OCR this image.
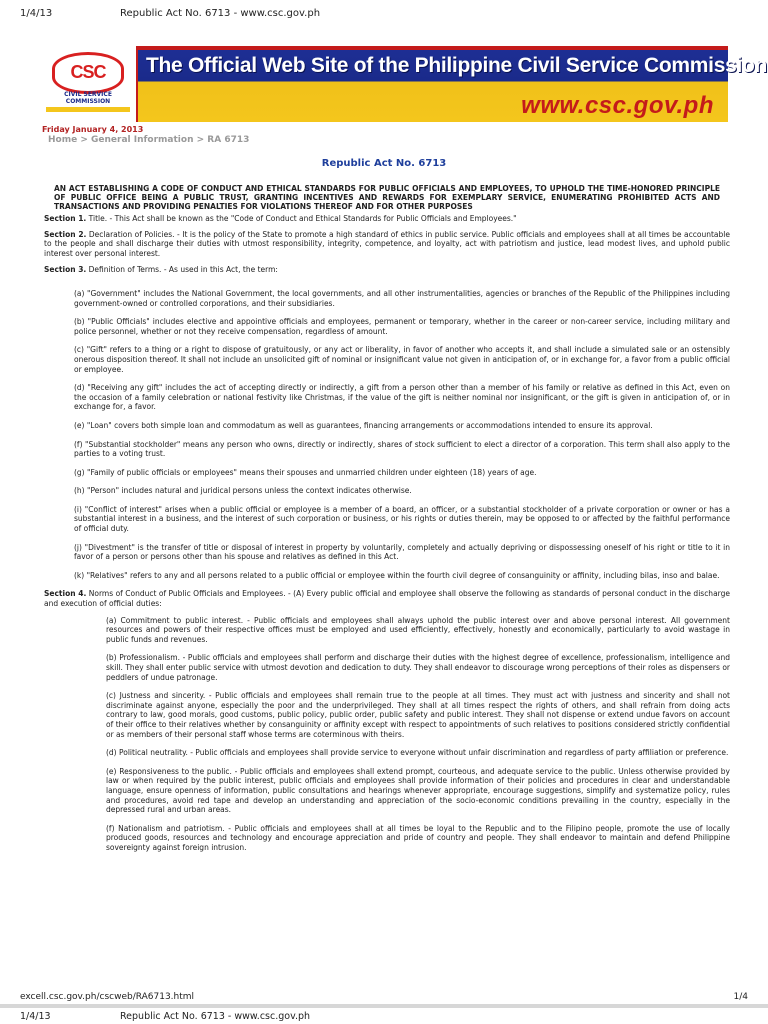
1/4/13	Republic Act No. 6713 - www.csc.gov.ph
CSC
CIVIL SERVICE COMMISSION
The Official Web Site of the Philippine Civil Service Commission
www.csc.gov.ph
Friday January 4, 2013
Home > General Information > RA 6713
Republic Act No. 6713
AN ACT ESTABLISHING A CODE OF CONDUCT AND ETHICAL STANDARDS FOR PUBLIC OFFICIALS AND EMPLOYEES, TO UPHOLD THE TIME-HONORED PRINCIPLE OF PUBLIC OFFICE BEING A PUBLIC TRUST, GRANTING INCENTIVES AND REWARDS FOR EXEMPLARY SERVICE, ENUMERATING PROHIBITED ACTS AND TRANSACTIONS AND PROVIDING PENALTIES FOR VIOLATIONS THEREOF AND FOR OTHER PURPOSES
Section 1. Title. - This Act shall be known as the "Code of Conduct and Ethical Standards for Public Officials and Employees."
Section 2. Declaration of Policies. - It is the policy of the State to promote a high standard of ethics in public service. Public officials and employees shall at all times be accountable to the people and shall discharge their duties with utmost responsibility, integrity, competence, and loyalty, act with patriotism and justice, lead modest lives, and uphold public interest over personal interest.
Section 3. Definition of Terms. - As used in this Act, the term:
(a) "Government" includes the National Government, the local governments, and all other instrumentalities, agencies or branches of the Republic of the Philippines including government-owned or controlled corporations, and their subsidiaries.
(b) "Public Officials" includes elective and appointive officials and employees, permanent or temporary, whether in the career or non-career service, including military and police personnel, whether or not they receive compensation, regardless of amount.
(c) "Gift" refers to a thing or a right to dispose of gratuitously, or any act or liberality, in favor of another who accepts it, and shall include a simulated sale or an ostensibly onerous disposition thereof. It shall not include an unsolicited gift of nominal or insignificant value not given in anticipation of, or in exchange for, a favor from a public official or employee.
(d) "Receiving any gift" includes the act of accepting directly or indirectly, a gift from a person other than a member of his family or relative as defined in this Act, even on the occasion of a family celebration or national festivity like Christmas, if the value of the gift is neither nominal nor insignificant, or the gift is given in anticipation of, or in exchange for, a favor.
(e) "Loan" covers both simple loan and commodatum as well as guarantees, financing arrangements or accommodations intended to ensure its approval.
(f) "Substantial stockholder" means any person who owns, directly or indirectly, shares of stock sufficient to elect a director of a corporation. This term shall also apply to the parties to a voting trust.
(g) "Family of public officials or employees" means their spouses and unmarried children under eighteen (18) years of age.
(h) "Person" includes natural and juridical persons unless the context indicates otherwise.
(i) "Conflict of interest" arises when a public official or employee is a member of a board, an officer, or a substantial stockholder of a private corporation or owner or has a substantial interest in a business, and the interest of such corporation or business, or his rights or duties therein, may be opposed to or affected by the faithful performance of official duty.
(j) "Divestment" is the transfer of title or disposal of interest in property by voluntarily, completely and actually depriving or dispossessing oneself of his right or title to it in favor of a person or persons other than his spouse and relatives as defined in this Act.
(k) "Relatives" refers to any and all persons related to a public official or employee within the fourth civil degree of consanguinity or affinity, including bilas, inso and balae.
Section 4. Norms of Conduct of Public Officials and Employees. - (A) Every public official and employee shall observe the following as standards of personal conduct in the discharge and execution of official duties:
(a) Commitment to public interest. - Public officials and employees shall always uphold the public interest over and above personal interest. All government resources and powers of their respective offices must be employed and used efficiently, effectively, honestly and economically, particularly to avoid wastage in public funds and revenues.
(b) Professionalism. - Public officials and employees shall perform and discharge their duties with the highest degree of excellence, professionalism, intelligence and skill. They shall enter public service with utmost devotion and dedication to duty. They shall endeavor to discourage wrong perceptions of their roles as dispensers or peddlers of undue patronage.
(c) Justness and sincerity. - Public officials and employees shall remain true to the people at all times. They must act with justness and sincerity and shall not discriminate against anyone, especially the poor and the underprivileged. They shall at all times respect the rights of others, and shall refrain from doing acts contrary to law, good morals, good customs, public policy, public order, public safety and public interest. They shall not dispense or extend undue favors on account of their office to their relatives whether by consanguinity or affinity except with respect to appointments of such relatives to positions considered strictly confidential or as members of their personal staff whose terms are coterminous with theirs.
(d) Political neutrality. - Public officials and employees shall provide service to everyone without unfair discrimination and regardless of party affiliation or preference.
(e) Responsiveness to the public. - Public officials and employees shall extend prompt, courteous, and adequate service to the public. Unless otherwise provided by law or when required by the public interest, public officials and employees shall provide information of their policies and procedures in clear and understandable language, ensure openness of information, public consultations and hearings whenever appropriate, encourage suggestions, simplify and systematize policy, rules and procedures, avoid red tape and develop an understanding and appreciation of the socio-economic conditions prevailing in the country, especially in the depressed rural and urban areas.
(f) Nationalism and patriotism. - Public officials and employees shall at all times be loyal to the Republic and to the Filipino people, promote the use of locally produced goods, resources and technology and encourage appreciation and pride of country and people. They shall endeavor to maintain and defend Philippine sovereignty against foreign intrusion.
excell.csc.gov.ph/cscweb/RA6713.html	1/4
1/4/13	Republic Act No. 6713 - www.csc.gov.ph
